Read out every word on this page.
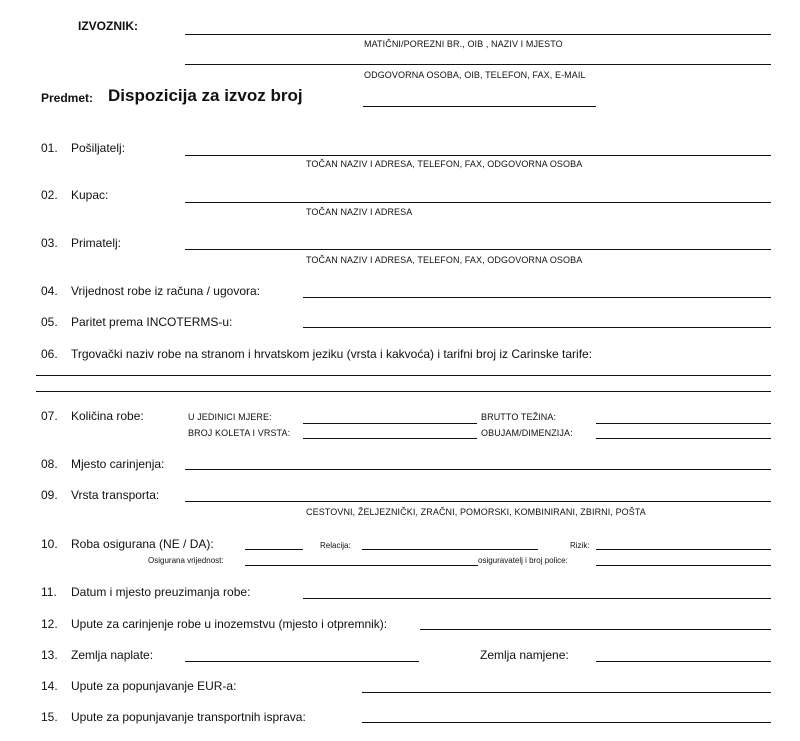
IZVOZNIK:
MATIČNI/POREZNI BR., OIB , NAZIV I MJESTO
ODGOVORNA OSOBA, OIB, TELEFON, FAX, E-MAIL
Predmet: Dispozicija za izvoz broj
01. Pošiljatelj:
TOČAN NAZIV I ADRESA, TELEFON, FAX, ODGOVORNA OSOBA
02. Kupac:
TOČAN NAZIV I ADRESA
03. Primatelj:
TOČAN NAZIV I ADRESA, TELEFON, FAX, ODGOVORNA OSOBA
04. Vrijednost robe iz računa / ugovora:
05. Paritet prema INCOTERMS-u:
06. Trgovački naziv robe na stranom i hrvatskom jeziku (vrsta i kakvoća) i tarifni broj iz Carinske tarife:
07. Količina robe:	U JEDINICI MJERE:	BRUTTO TEŽINA:
BROJ KOLETA I VRSTA:	OBUJAM/DIMENZIJA:
08. Mjesto carinjenja:
09. Vrsta transporta:
CESTOVNI, ŽELJEZNIČKI, ZRAČNI, POMORSKI, KOMBINIRANI, ZBIRNI, POŠTA
10. Roba osigurana (NE / DA):	Relacija:	Rizik:
Osigurana vrijednost:	osiguravatelj i broj police:
11. Datum i mjesto preuzimanja robe:
12. Upute za carinjenje robe u inozemstvu (mjesto i otpremnik):
13. Zemlja naplate:	Zemlja namjene:
14. Upute za popunjavanje EUR-a:
15. Upute za popunjavanje transportnih isprava:
